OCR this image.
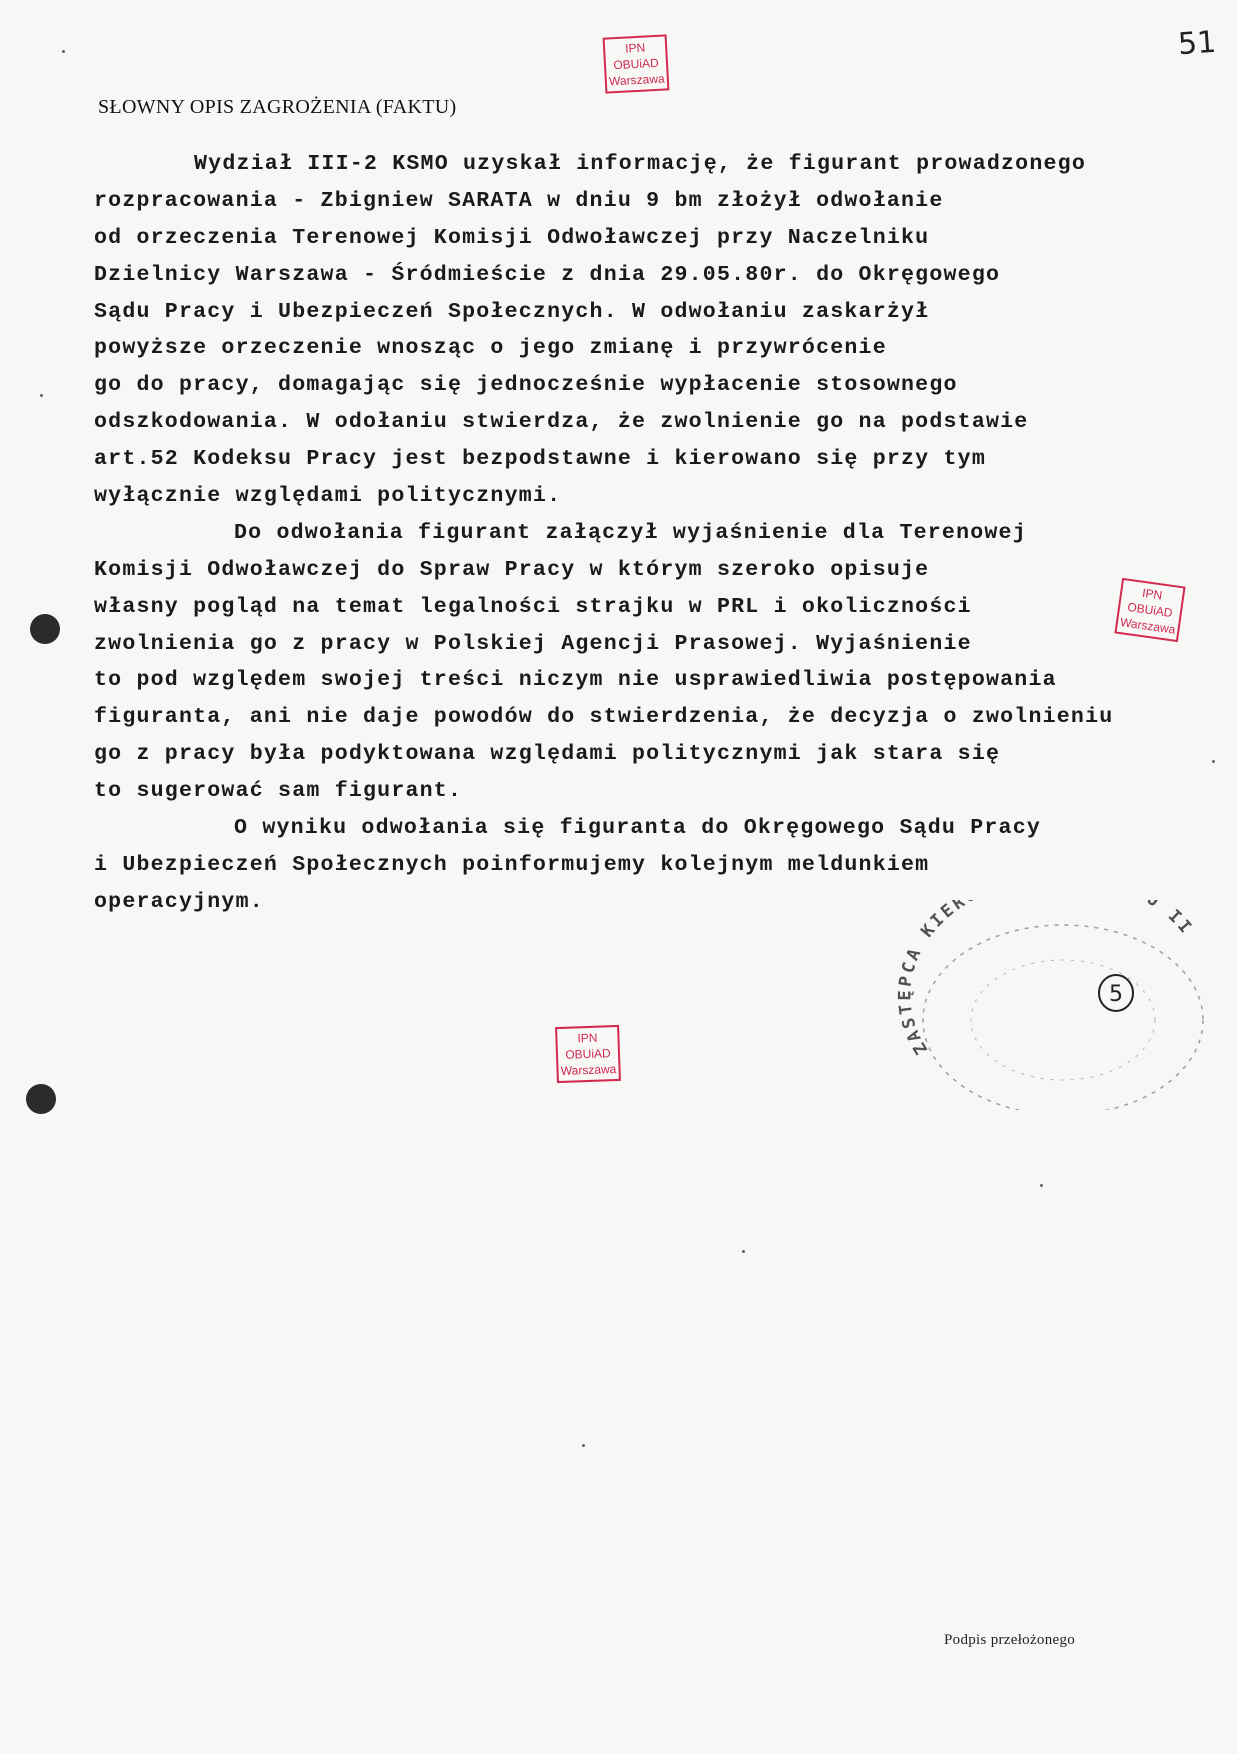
51
IPN
OBUiAD
Warszawa
SŁOWNY OPIS ZAGROŻENIA (FAKTU)
Wydział III-2 KSMO uzyskał informację, że figurant prowadzonego
rozpracowania - Zbigniew SARATA w dniu 9 bm złożył odwołanie
od orzeczenia Terenowej Komisji Odwoławczej przy Naczelniku
Dzielnicy Warszawa - Śródmieście z dnia 29.05.80r. do Okręgowego
Sądu Pracy i Ubezpieczeń Społecznych. W odwołaniu zaskarżył
powyższe orzeczenie wnosząc o jego zmianę i przywrócenie
go do pracy, domagając się jednocześnie wypłacenie stosownego
odszkodowania. W odołaniu stwierdza, że zwolnienie go na podstawie
art.52 Kodeksu Pracy jest bezpodstawne i kierowano się przy tym
wyłącznie względami politycznymi.
Do odwołania figurant załączył wyjaśnienie dla Terenowej
Komisji Odwoławczej do Spraw Pracy w którym szeroko opisuje
własny pogląd na temat legalności strajku w PRL i okoliczności
zwolnienia go z pracy w Polskiej Agencji Prasowej. Wyjaśnienie
to pod względem swojej treści niczym nie usprawiedliwia postępowania
figuranta, ani nie daje powodów do stwierdzenia, że decyzja o zwolnieniu
go z pracy była podyktowana względami politycznymi jak stara się
to sugerować sam figurant.
O wyniku odwołania się figuranta do Okręgowego Sądu Pracy
i Ubezpieczeń Społecznych poinformujemy kolejnym meldunkiem
operacyjnym.
IPN
OBUiAD
Warszawa
IPN
OBUiAD
Warszawa
ZASTĘPCA KIER U II
5
Podpis przełożonego
